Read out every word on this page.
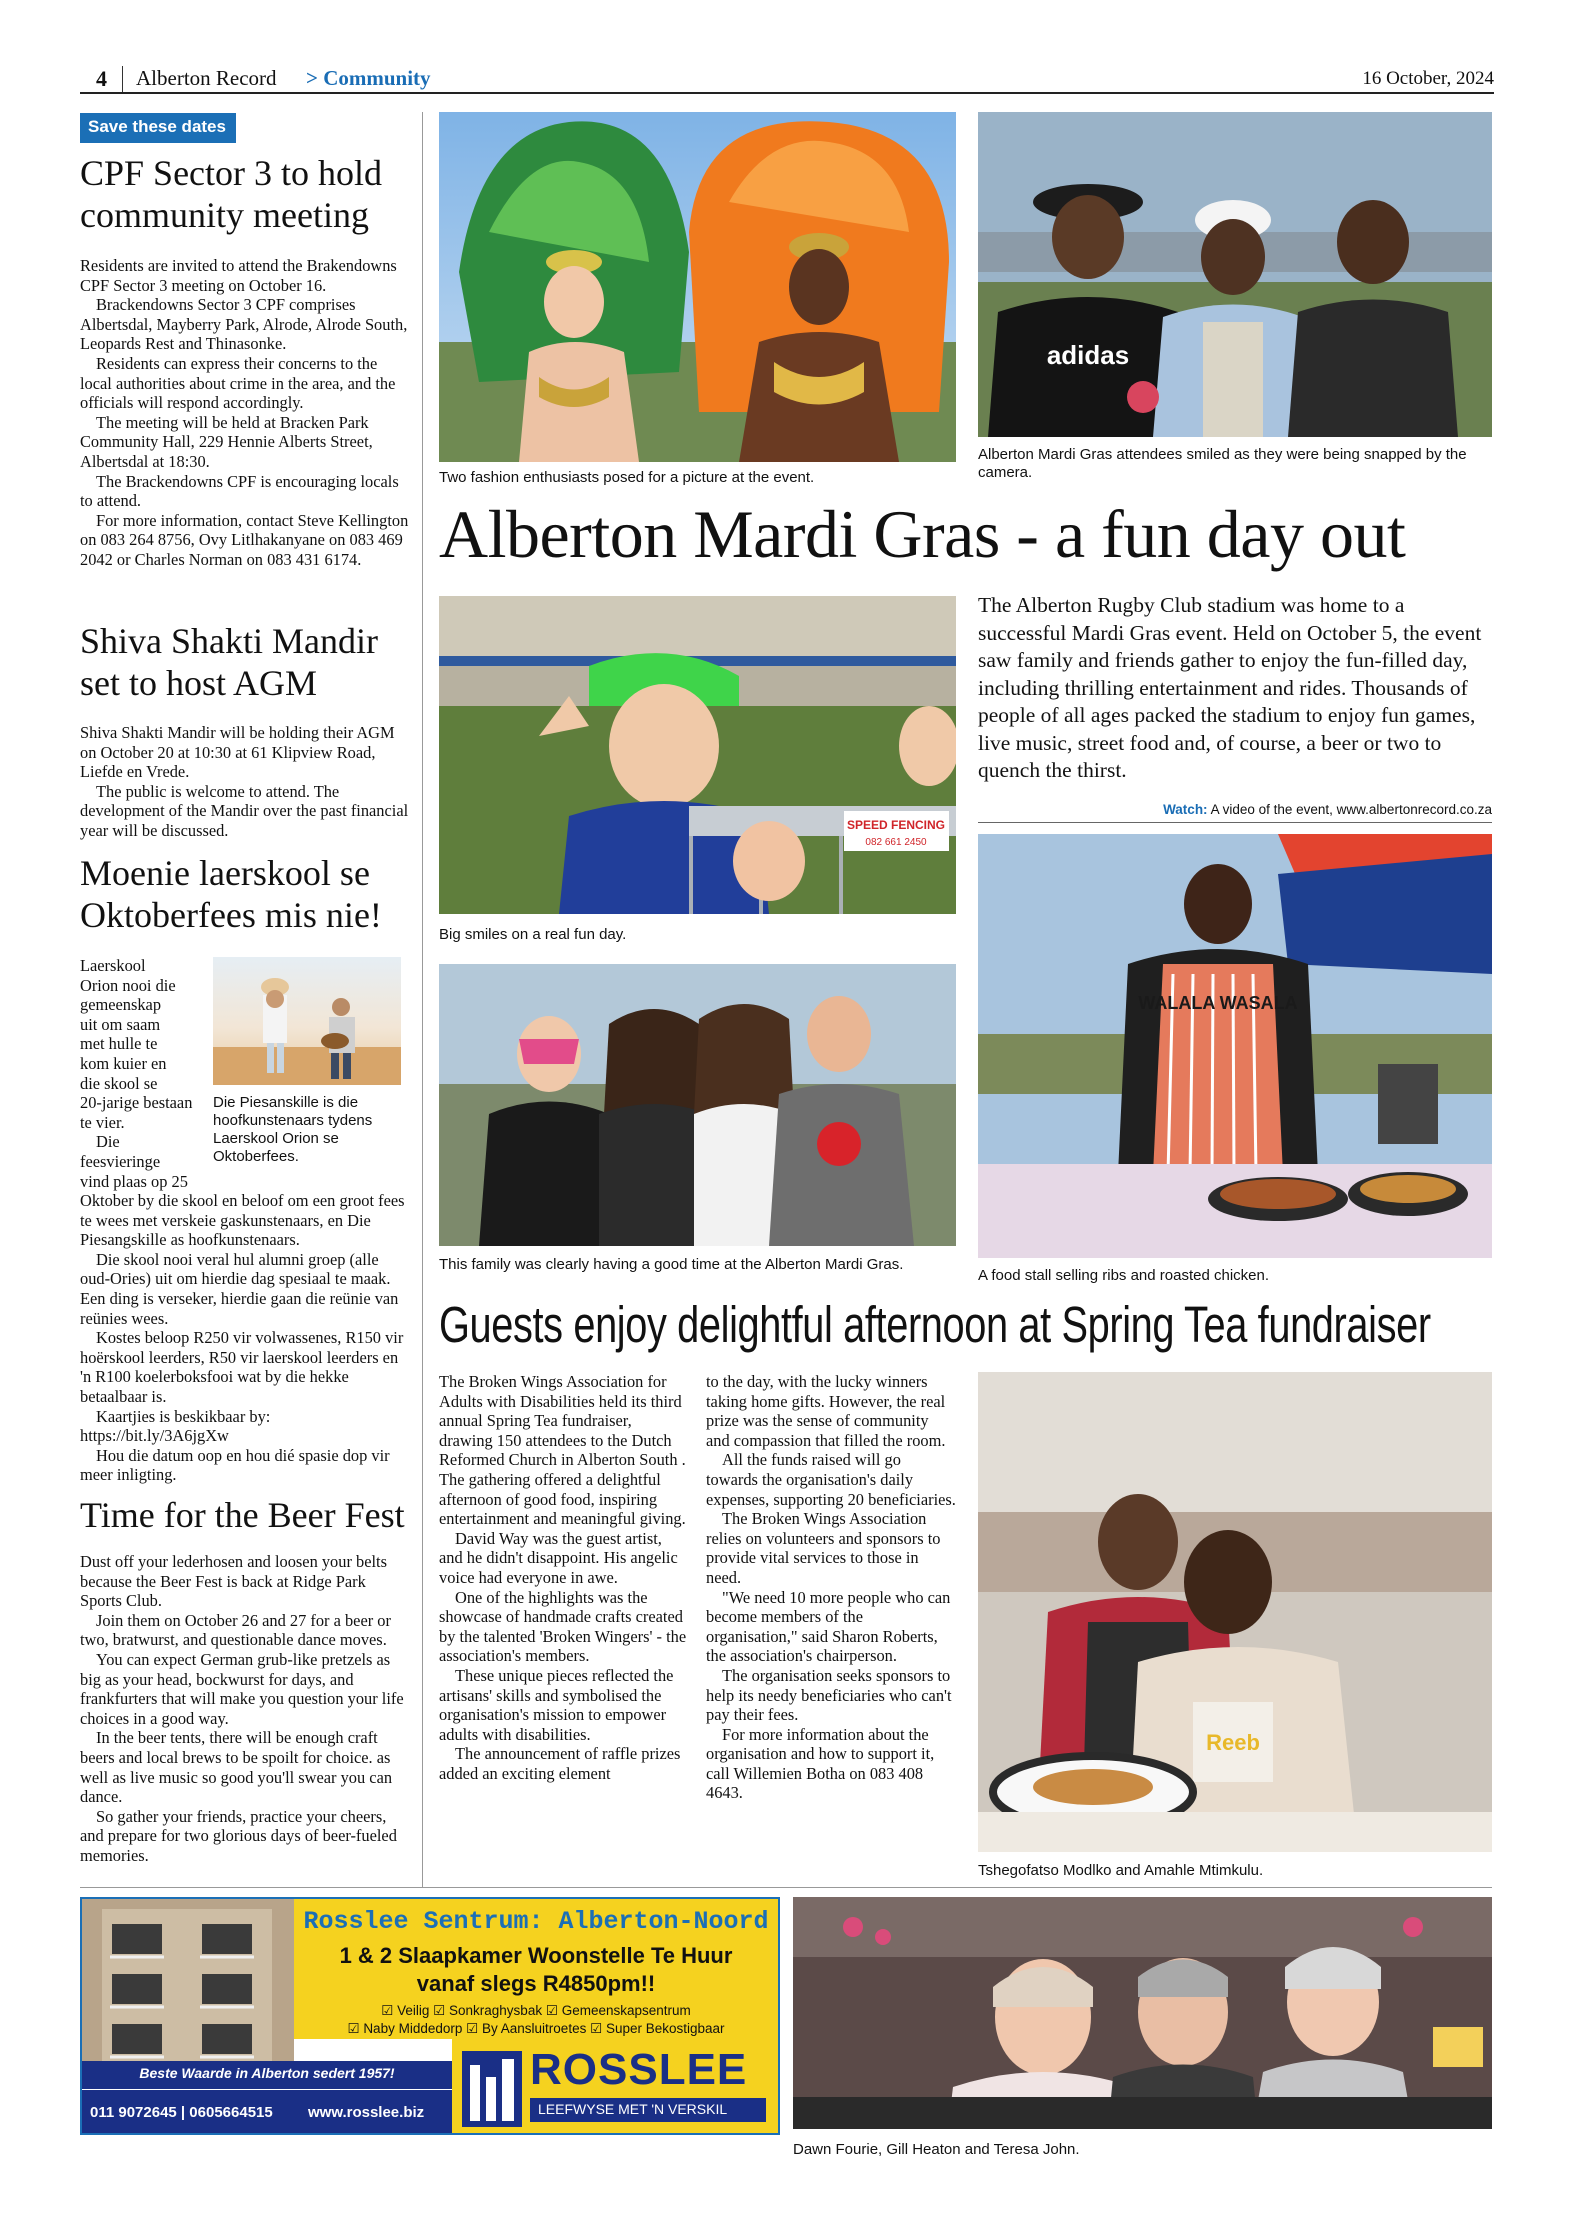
4 Alberton Record > Community	16 October, 2024
Save these dates
CPF Sector 3 to hold community meeting

Residents are invited to attend the Brakendowns CPF Sector 3 meeting on October 16.

Brackendowns Sector 3 CPF comprises Albertsdal, Mayberry Park, Alrode, Alrode South, Leopards Rest and Thinasonke.

Residents can express their concerns to the local authorities about crime in the area, and the officials will respond accordingly.

The meeting will be held at Bracken Park Community Hall, 229 Hennie Alberts Street, Albertsdal at 18:30.

The Brackendowns CPF is encouraging locals to attend.

For more information, contact Steve Kellington on 083 264 8756, Ovy Litlhakanyane on 083 469 2042 or Charles Norman on 083 431 6174.

Shiva Shakti Mandir set to host AGM

Shiva Shakti Mandir will be holding their AGM on October 20 at 10:30 at 61 Klipview Road, Liefde en Vrede.

The public is welcome to attend. The development of the Mandir over the past financial year will be discussed.

Moenie laerskool se Oktoberfees mis nie!
Laerskool
Orion nooi die
gemeenskap
uit om saam
met hulle te
kom kuier en
die skool se
20-jarige bestaan
te vier.
Die
feesvieringe
vind plaas op 25
Die Piesanskille is die hoofkunstenaars tydens Laerskool Orion se Oktoberfees.

Oktober by die skool en beloof om een groot fees te wees met verskeie gaskunstenaars, en Die Piesangskille as hoofkunstenaars.

Die skool nooi veral hul alumni groep (alle oud-Ories) uit om hierdie dag spesiaal te maak. Een ding is verseker, hierdie gaan die reünie van reünies wees.

Kostes beloop R250 vir volwassenes, R150 vir hoërskool leerders, R50 vir laerskool leerders en 'n R100 koelerboksfooi wat by die hekke betaalbaar is.

Kaartjies is beskikbaar by: https://bit.ly/3A6jgXw

Hou die datum oop en hou dié spasie dop vir meer inligting.

Time for the Beer Fest

Dust off your lederhosen and loosen your belts because the Beer Fest is back at Ridge Park Sports Club.

Join them on October 26 and 27 for a beer or two, bratwurst, and questionable dance moves.

You can expect German grub-like pretzels as big as your head, bockwurst for days, and frankfurters that will make you question your life choices in a good way.

In the beer tents, there will be enough craft beers and local brews to be spoilt for choice. as well as live music so good you'll swear you can dance.

So gather your friends, practice your cheers, and prepare for two glorious days of beer-fueled memories.

Two fashion enthusiasts posed for a picture at the event.
adidas
Alberton Mardi Gras attendees smiled as they were being snapped by the camera.
Alberton Mardi Gras - a fun day out
SPEED FENCING
082 661 2450
Big smiles on a real fun day.
The Alberton Rugby Club stadium was home to a successful Mardi Gras event. Held on October 5, the event saw family and friends gather to enjoy the fun-filled day, including thrilling entertainment and rides. Thousands of people of all ages packed the stadium to enjoy fun games, live music, street food and, of course, a beer or two to quench the thirst.
Watch: A video of the event, www.albertonrecord.co.za
WALALA WASALA
A food stall selling ribs and roasted chicken.
This family was clearly having a good time at the Alberton Mardi Gras.
Guests enjoy delightful afternoon at Spring Tea fundraiser

The Broken Wings Association for Adults with Disabilities held its third annual Spring Tea fundraiser, drawing 150 attendees to the Dutch Reformed Church in Alberton South .

The gathering offered a delightful afternoon of good food, inspiring entertainment and meaningful giving.

David Way was the guest artist, and he didn't disappoint. His angelic voice had everyone in awe.

One of the highlights was the showcase of handmade crafts created by the talented 'Broken Wingers' - the association's members.

These unique pieces reflected the artisans' skills and symbolised the organisation's mission to empower adults with disabilities.

The announcement of raffle prizes added an exciting element

to the day, with the lucky winners taking home gifts. However, the real prize was the sense of community and compassion that filled the room.

All the funds raised will go towards the organisation's daily expenses, supporting 20 beneficiaries.

The Broken Wings Association relies on volunteers and sponsors to provide vital services to those in need.

"We need 10 more people who can become members of the organisation," said Sharon Roberts, the association's chairperson.

The organisation seeks sponsors to help its needy beneficiaries who can't pay their fees.

For more information about the organisation and how to support it, call Willemien Botha on 083 408 4643.

Reeb
Tshegofatso Modlko and Amahle Mtimkulu.
Rosslee Sentrum: Alberton-Noord
1 & 2 Slaapkamer Woonstelle Te Huur
vanaf slegs R4850pm!!
☑ Veilig ☑ Sonkraghysbak ☑ Gemeenskapsentrum
☑ Naby Middedorp ☑ By Aansluitroetes ☑ Super Bekostigbaar
Beste Waarde in Alberton sedert 1957!
011 9072645 | 0605664515 www.rosslee.biz
ROSSLEE
LEEFWYSE MET 'N VERSKIL
Dawn Fourie, Gill Heaton and Teresa John.
